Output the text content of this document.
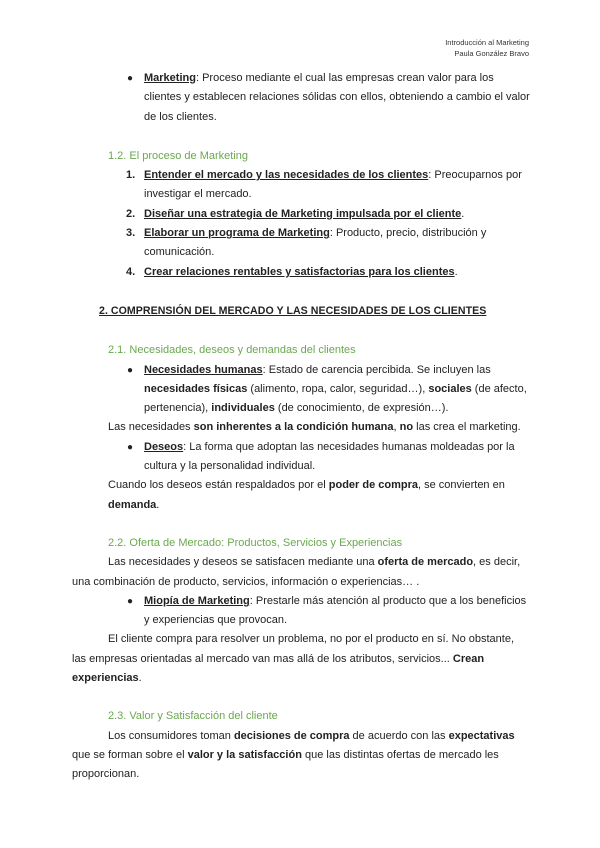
Introducción al Marketing
Paula González Bravo
● Marketing: Proceso mediante el cual las empresas crean valor para los clientes y establecen relaciones sólidas con ellos, obteniendo a cambio el valor de los clientes.

1.2. El proceso de Marketing

1. Entender el mercado y las necesidades de los clientes: Preocuparnos por investigar el mercado.
2. Diseñar una estrategia de Marketing impulsada por el cliente.
3. Elaborar un programa de Marketing: Producto, precio, distribución y comunicación.
4. Crear relaciones rentables y satisfactorias para los clientes.

2. COMPRENSIÓN DEL MERCADO Y LAS NECESIDADES DE LOS CLIENTES

2.1. Necesidades, deseos y demandas del clientes

● Necesidades humanas: Estado de carencia percibida. Se incluyen las necesidades físicas (alimento, ropa, calor, seguridad…), sociales (de afecto, pertenencia), individuales (de conocimiento, de expresión…).

Las necesidades son inherentes a la condición humana, no las crea el marketing.

● Deseos: La forma que adoptan las necesidades humanas moldeadas por la cultura y la personalidad individual.

Cuando los deseos están respaldados por el poder de compra, se convierten en demanda.

2.2. Oferta de Mercado: Productos, Servicios y Experiencias

Las necesidades y deseos se satisfacen mediante una oferta de mercado, es decir, una combinación de producto, servicios, información o experiencias… .

● Miopía de Marketing: Prestarle más atención al producto que a los beneficios y experiencias que provocan.

El cliente compra para resolver un problema, no por el producto en sí. No obstante, las empresas orientadas al mercado van mas allá de los atributos, servicios... Crean experiencias.

2.3. Valor y Satisfacción del cliente

Los consumidores toman decisiones de compra de acuerdo con las expectativas que se forman sobre el valor y la satisfacción que las distintas ofertas de mercado les proporcionan.
